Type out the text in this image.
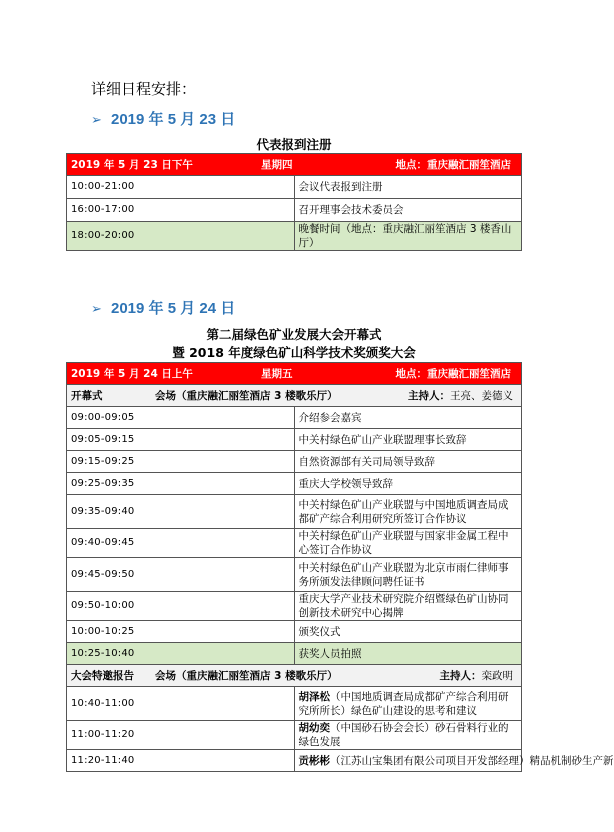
详细日程安排：
➢ 2019 年 5 月 23 日
代表报到注册
2019 年 5 月 23 日下午 星期四 地点：重庆融汇丽笙酒店	

10:00-21:00	会议代表报到注册
16:00-17:00	召开理事会技术委员会
18:00-20:00	晚餐时间（地点：重庆融汇丽笙酒店 3 楼香山厅）
➢ 2019 年 5 月 24 日
第二届绿色矿业发展大会开幕式
暨 2018 年度绿色矿山科学技术奖颁奖大会
2019 年 5 月 24 日上午 星期五 地点：重庆融汇丽笙酒店	

开幕式 会场（重庆融汇丽笙酒店 3 楼歌乐厅） 主持人：王亮、姜德义	

09:00-09:05	介绍参会嘉宾
09:05-09:15	中关村绿色矿山产业联盟理事长致辞
09:15-09:25	自然资源部有关司局领导致辞
09:25-09:35	重庆大学校领导致辞
09:35-09:40	中关村绿色矿山产业联盟与中国地质调查局成都矿产综合利用研究所签订合作协议
09:40-09:45	中关村绿色矿山产业联盟与国家非金属工程中心签订合作协议
09:45-09:50	中关村绿色矿山产业联盟为北京市雨仁律师事务所颁发法律顾问聘任证书
09:50-10:00	重庆大学产业技术研究院介绍暨绿色矿山协同创新技术研究中心揭牌
10:00-10:25	颁奖仪式
10:25-10:40	获奖人员拍照

大会特邀报告 会场（重庆融汇丽笙酒店 3 楼歌乐厅） 主持人：栾政明	

10:40-11:00	胡泽松（中国地质调查局成都矿产综合利用研究所所长）绿色矿山建设的思考和建议
11:00-11:20	胡幼奕（中国砂石协会会长）砂石骨料行业的绿色发展
11:20-11:40	贡彬彬（江苏山宝集团有限公司项目开发部经理）精品机制砂生产新
